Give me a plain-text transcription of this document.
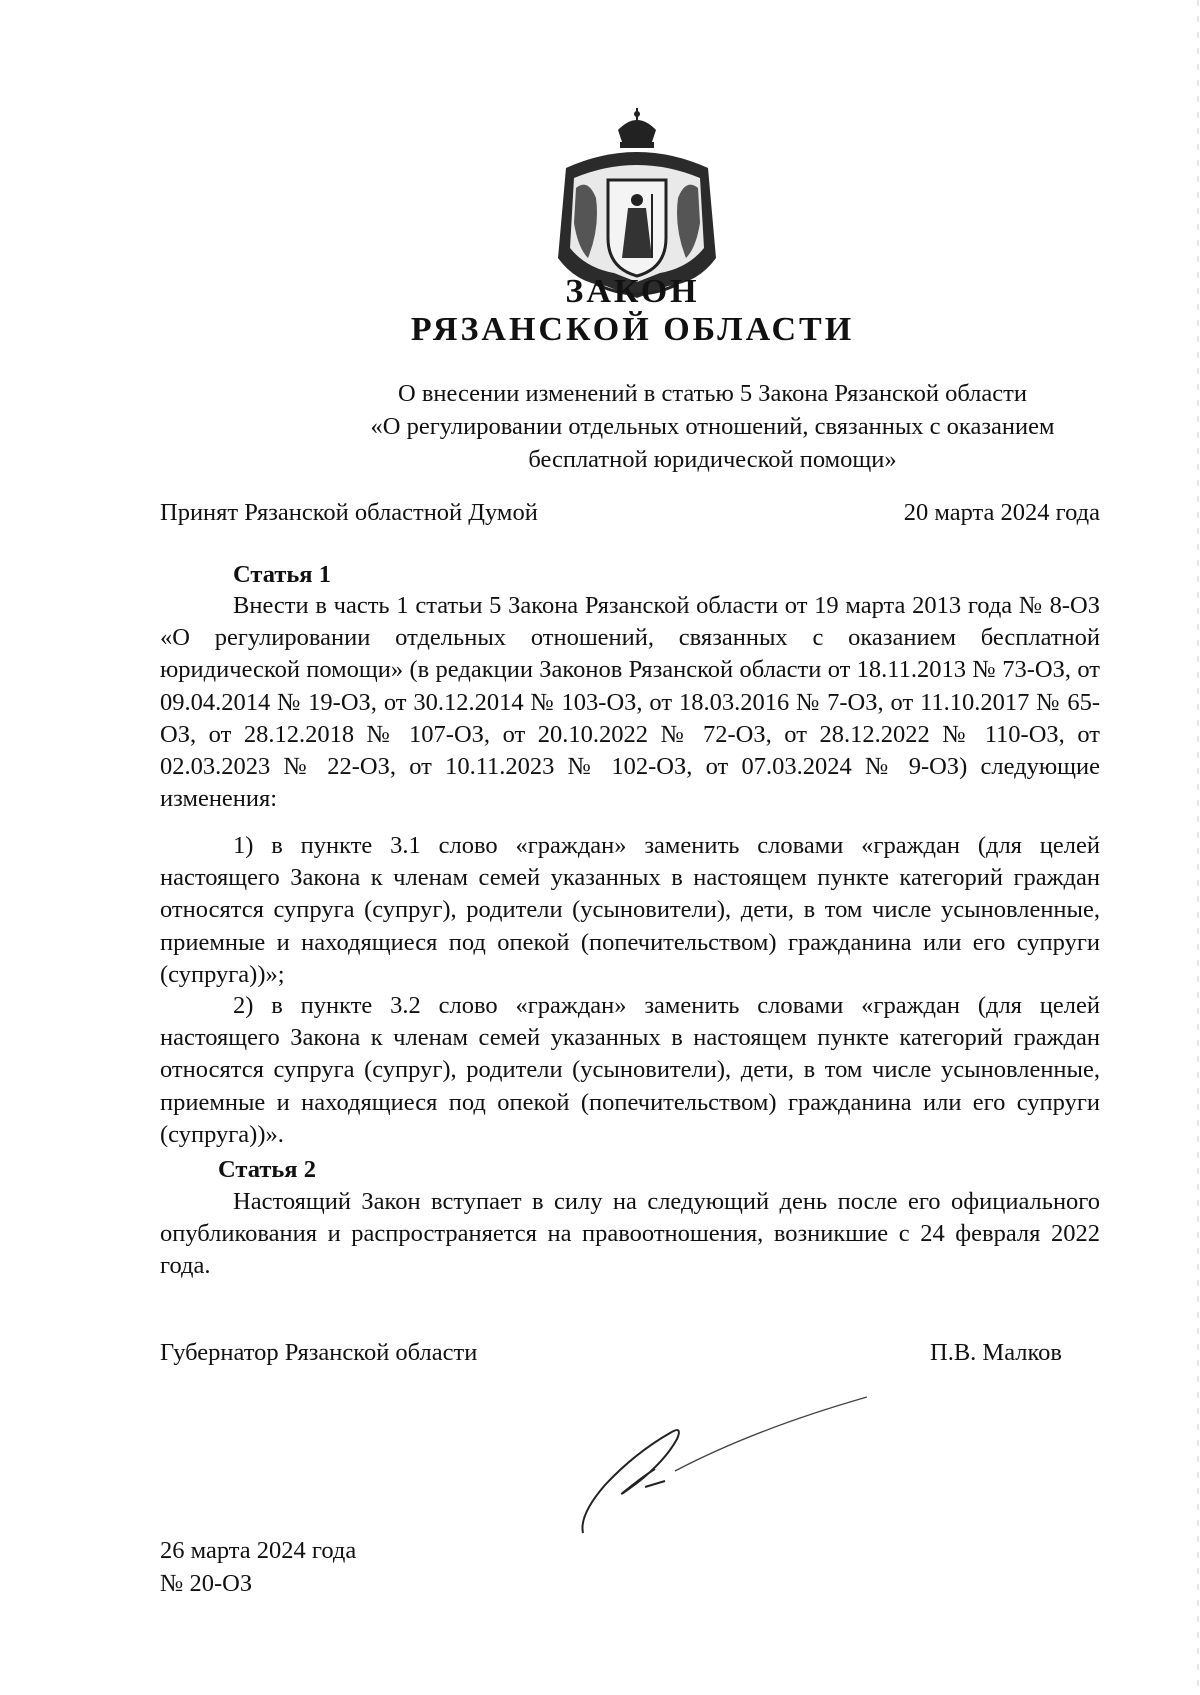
ЗАКОН
РЯЗАНСКОЙ ОБЛАСТИ

О внесении изменений в статью 5 Закона Рязанской области

«О регулировании отдельных отношений, связанных с оказанием

бесплатной юридической помощи»

Принят Рязанской областной Думой	20 марта 2024 года
Статья 1

Внести в часть 1 статьи 5 Закона Рязанской области от 19 марта 2013 года № 8-ОЗ «О регулировании отдельных отношений, связанных с оказанием бесплатной юридической помощи» (в редакции Законов Рязанской области от 18.11.2013 № 73-ОЗ, от 09.04.2014 № 19-ОЗ, от 30.12.2014 № 103-ОЗ, от 18.03.2016 № 7-ОЗ, от 11.10.2017 № 65-ОЗ, от 28.12.2018 № 107-ОЗ, от 20.10.2022 № 72-ОЗ, от 28.12.2022 № 110-ОЗ, от 02.03.2023 № 22-ОЗ, от 10.11.2023 № 102-ОЗ, от 07.03.2024 № 9-ОЗ) следующие изменения:

1) в пункте 3.1 слово «граждан» заменить словами «граждан (для целей настоящего Закона к членам семей указанных в настоящем пункте категорий граждан относятся супруга (супруг), родители (усыновители), дети, в том числе усыновленные, приемные и находящиеся под опекой (попечительством) гражданина или его супруги (супруга))»;

2) в пункте 3.2 слово «граждан» заменить словами «граждан (для целей настоящего Закона к членам семей указанных в настоящем пункте категорий граждан относятся супруга (супруг), родители (усыновители), дети, в том числе усыновленные, приемные и находящиеся под опекой (попечительством) гражданина или его супруги (супруга))».

Статья 2

Настоящий Закон вступает в силу на следующий день после его официального опубликования и распространяется на правоотношения, возникшие с 24 февраля 2022 года.

Губернатор Рязанской области	П.В. Малков
26 марта 2024 года
№ 20-ОЗ
